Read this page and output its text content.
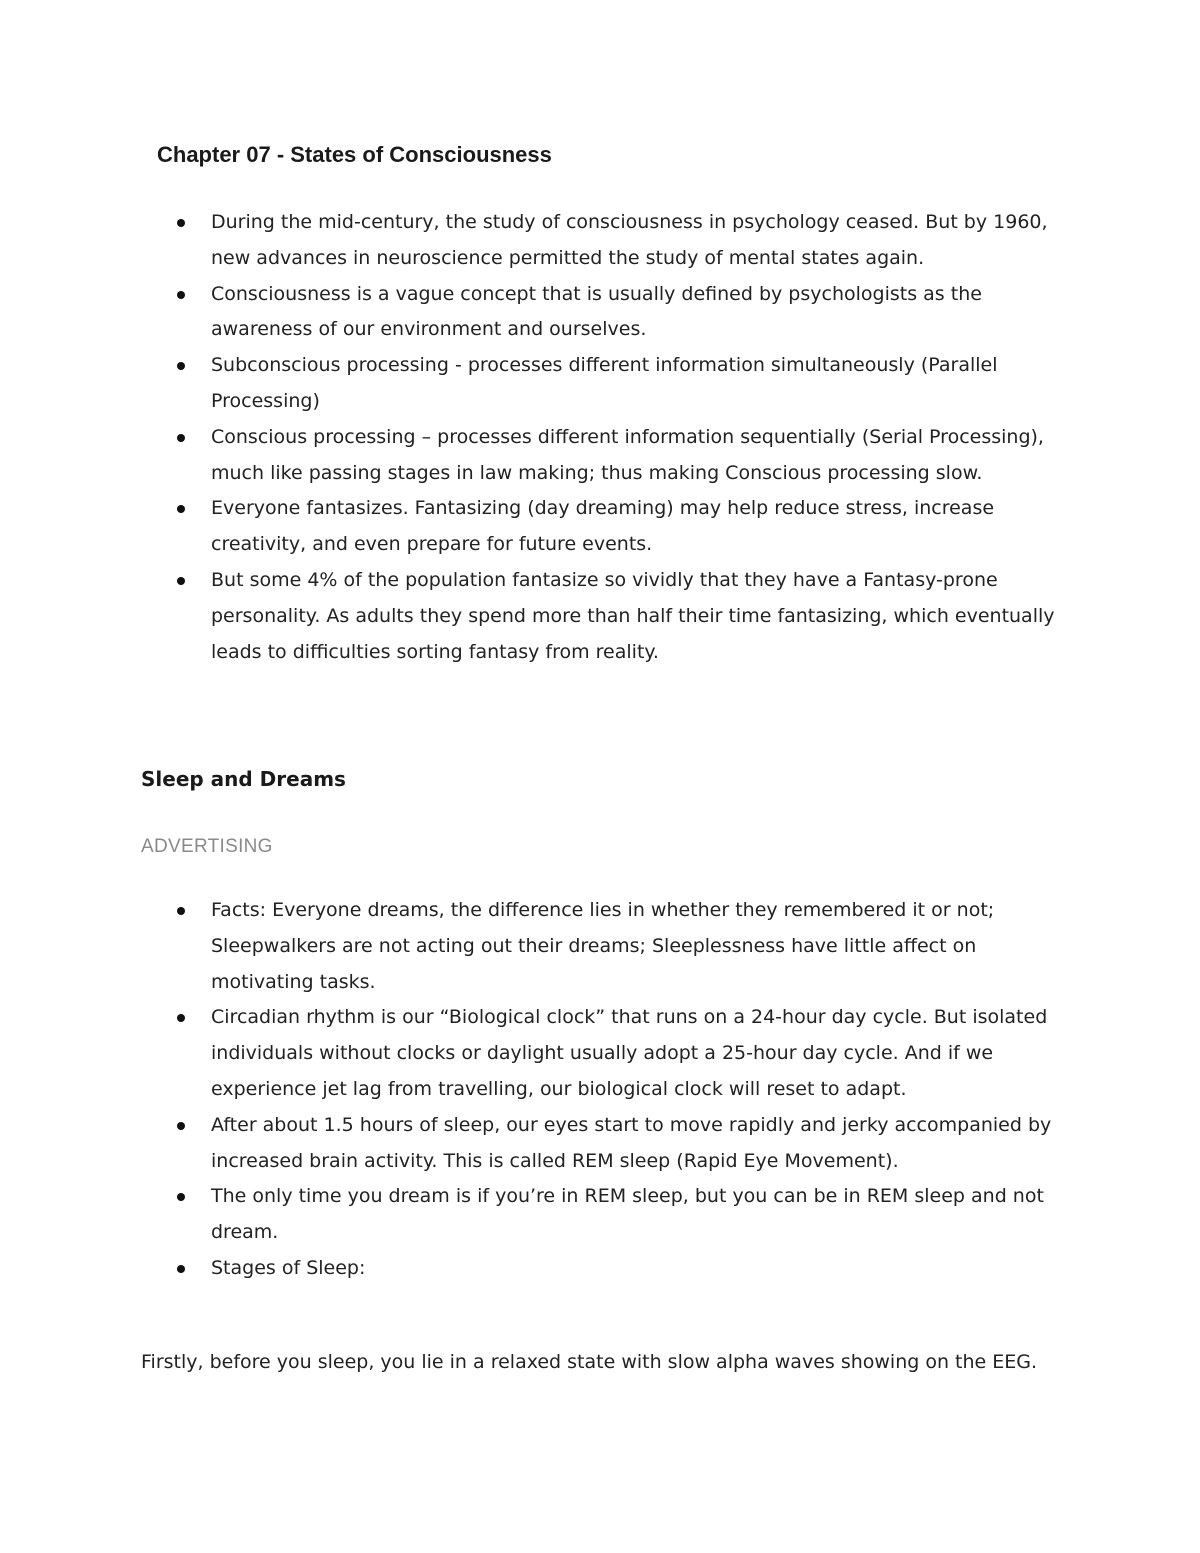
Chapter 07 - States of Consciousness
During the mid-century, the study of consciousness in psychology ceased. But by 1960, new advances in neuroscience permitted the study of mental states again.
Consciousness is a vague concept that is usually defined by psychologists as the awareness of our environment and ourselves.
Subconscious processing - processes different information simultaneously (Parallel Processing)
Conscious processing – processes different information sequentially (Serial Processing), much like passing stages in law making; thus making Conscious processing slow.
Everyone fantasizes. Fantasizing (day dreaming) may help reduce stress, increase creativity, and even prepare for future events.
But some 4% of the population fantasize so vividly that they have a Fantasy-prone personality. As adults they spend more than half their time fantasizing, which eventually leads to difficulties sorting fantasy from reality.
Sleep and Dreams
ADVERTISING
Facts: Everyone dreams, the difference lies in whether they remembered it or not; Sleepwalkers are not acting out their dreams; Sleeplessness have little affect on motivating tasks.
Circadian rhythm is our “Biological clock” that runs on a 24-hour day cycle. But isolated individuals without clocks or daylight usually adopt a 25-hour day cycle. And if we experience jet lag from travelling, our biological clock will reset to adapt.
After about 1.5 hours of sleep, our eyes start to move rapidly and jerky accompanied by increased brain activity. This is called REM sleep (Rapid Eye Movement).
The only time you dream is if you’re in REM sleep, but you can be in REM sleep and not dream.
Stages of Sleep:
Firstly, before you sleep, you lie in a relaxed state with slow alpha waves showing on the EEG.
